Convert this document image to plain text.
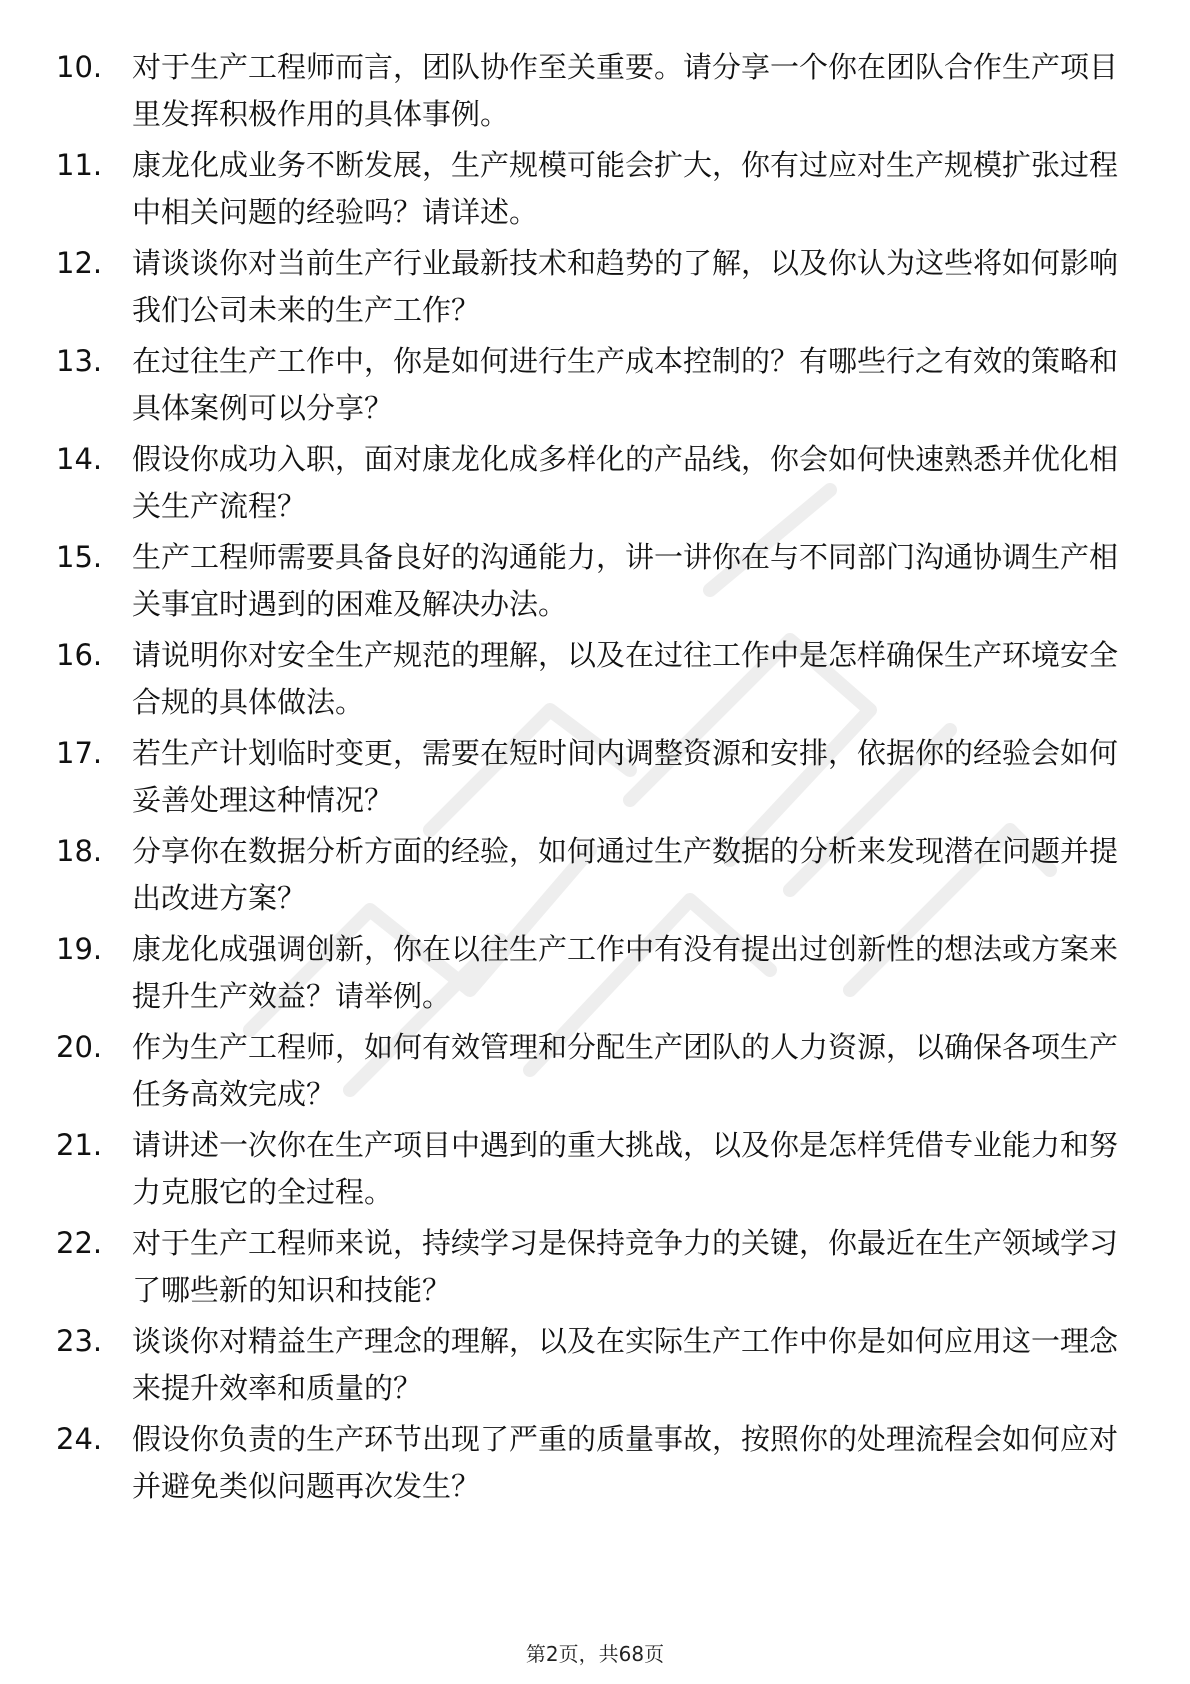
10.	对于生产工程师而言，团队协作至关重要。请分享一个你在团队合作生产项目里发挥积极作用的具体事例。
11.	康龙化成业务不断发展，生产规模可能会扩大，你有过应对生产规模扩张过程中相关问题的经验吗？请详述。
12.	请谈谈你对当前生产行业最新技术和趋势的了解，以及你认为这些将如何影响我们公司未来的生产工作？
13.	在过往生产工作中，你是如何进行生产成本控制的？有哪些行之有效的策略和具体案例可以分享？
14.	假设你成功入职，面对康龙化成多样化的产品线，你会如何快速熟悉并优化相关生产流程？
15.	生产工程师需要具备良好的沟通能力，讲一讲你在与不同部门沟通协调生产相关事宜时遇到的困难及解决办法。
16.	请说明你对安全生产规范的理解，以及在过往工作中是怎样确保生产环境安全合规的具体做法。
17.	若生产计划临时变更，需要在短时间内调整资源和安排，依据你的经验会如何妥善处理这种情况？
18.	分享你在数据分析方面的经验，如何通过生产数据的分析来发现潜在问题并提出改进方案？
19.	康龙化成强调创新，你在以往生产工作中有没有提出过创新性的想法或方案来提升生产效益？请举例。
20.	作为生产工程师，如何有效管理和分配生产团队的人力资源，以确保各项生产任务高效完成？
21.	请讲述一次你在生产项目中遇到的重大挑战，以及你是怎样凭借专业能力和努力克服它的全过程。
22.	对于生产工程师来说，持续学习是保持竞争力的关键，你最近在生产领域学习了哪些新的知识和技能？
23.	谈谈你对精益生产理念的理解，以及在实际生产工作中你是如何应用这一理念来提升效率和质量的？
24.	假设你负责的生产环节出现了严重的质量事故，按照你的处理流程会如何应对并避免类似问题再次发生？
第2页，共68页
